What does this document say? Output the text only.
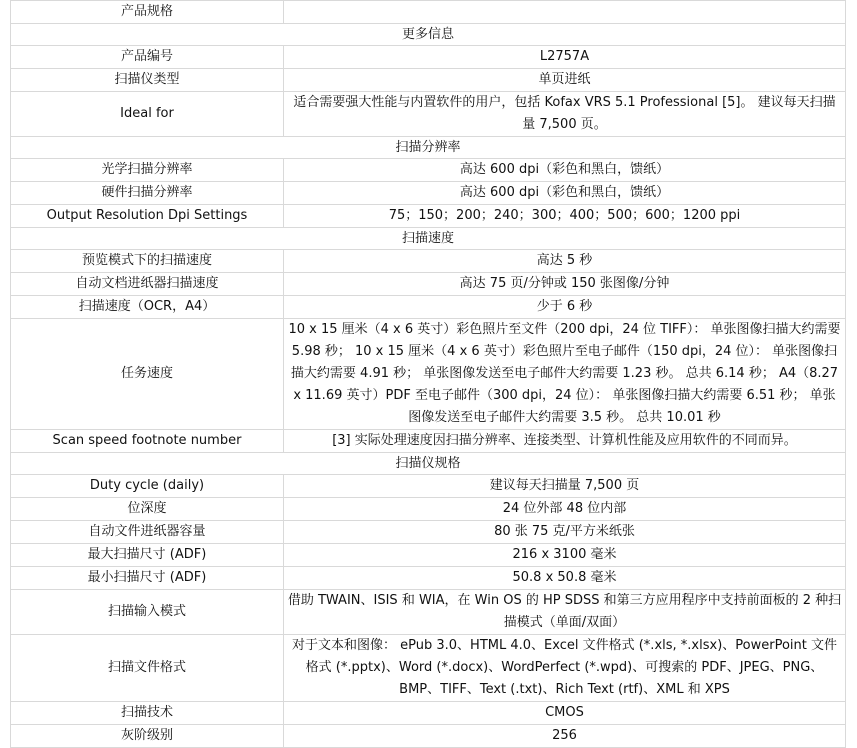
产品规格	
更多信息	
产品编号	L2757A
扫描仪类型	单页进纸
Ideal for	适合需要强大性能与内置软件的用户，包括 Kofax VRS 5.1 Professional [5]。 建议每天扫描量 7,500 页。
扫描分辨率	
光学扫描分辨率	高达 600 dpi（彩色和黑白，馈纸）
硬件扫描分辨率	高达 600 dpi（彩色和黑白，馈纸）
Output Resolution Dpi Settings	75；150；200；240；300；400；500；600；1200 ppi
扫描速度	
预览模式下的扫描速度	高达 5 秒
自动文档进纸器扫描速度	高达 75 页/分钟或 150 张图像/分钟
扫描速度（OCR，A4）	少于 6 秒
任务速度	10 x 15 厘米（4 x 6 英寸）彩色照片至文件（200 dpi，24 位 TIFF）： 单张图像扫描大约需要 5.98 秒； 10 x 15 厘米（4 x 6 英寸）彩色照片至电子邮件（150 dpi，24 位）： 单张图像扫描大约需要 4.91 秒； 单张图像发送至电子邮件大约需要 1.23 秒。 总共 6.14 秒； A4（8.27 x 11.69 英寸）PDF 至电子邮件（300 dpi，24 位）： 单张图像扫描大约需要 6.51 秒； 单张图像发送至电子邮件大约需要 3.5 秒。 总共 10.01 秒
Scan speed footnote number	[3] 实际处理速度因扫描分辨率、连接类型、计算机性能及应用软件的不同而异。
扫描仪规格	
Duty cycle (daily)	建议每天扫描量 7,500 页
位深度	24 位外部 48 位内部
自动文件进纸器容量	80 张 75 克/平方米纸张
最大扫描尺寸 (ADF)	216 x 3100 毫米
最小扫描尺寸 (ADF)	50.8 x 50.8 毫米
扫描输入模式	借助 TWAIN、ISIS 和 WIA，在 Win OS 的 HP SDSS 和第三方应用程序中支持前面板的 2 种扫描模式（单面/双面）
扫描文件格式	对于文本和图像： ePub 3.0、HTML 4.0、Excel 文件格式 (*.xls, *.xlsx)、PowerPoint 文件格式 (*.pptx)、Word (*.docx)、WordPerfect (*.wpd)、可搜索的 PDF、JPEG、PNG、BMP、TIFF、Text (.txt)、Rich Text (rtf)、XML 和 XPS
扫描技术	CMOS
灰阶级别	256
